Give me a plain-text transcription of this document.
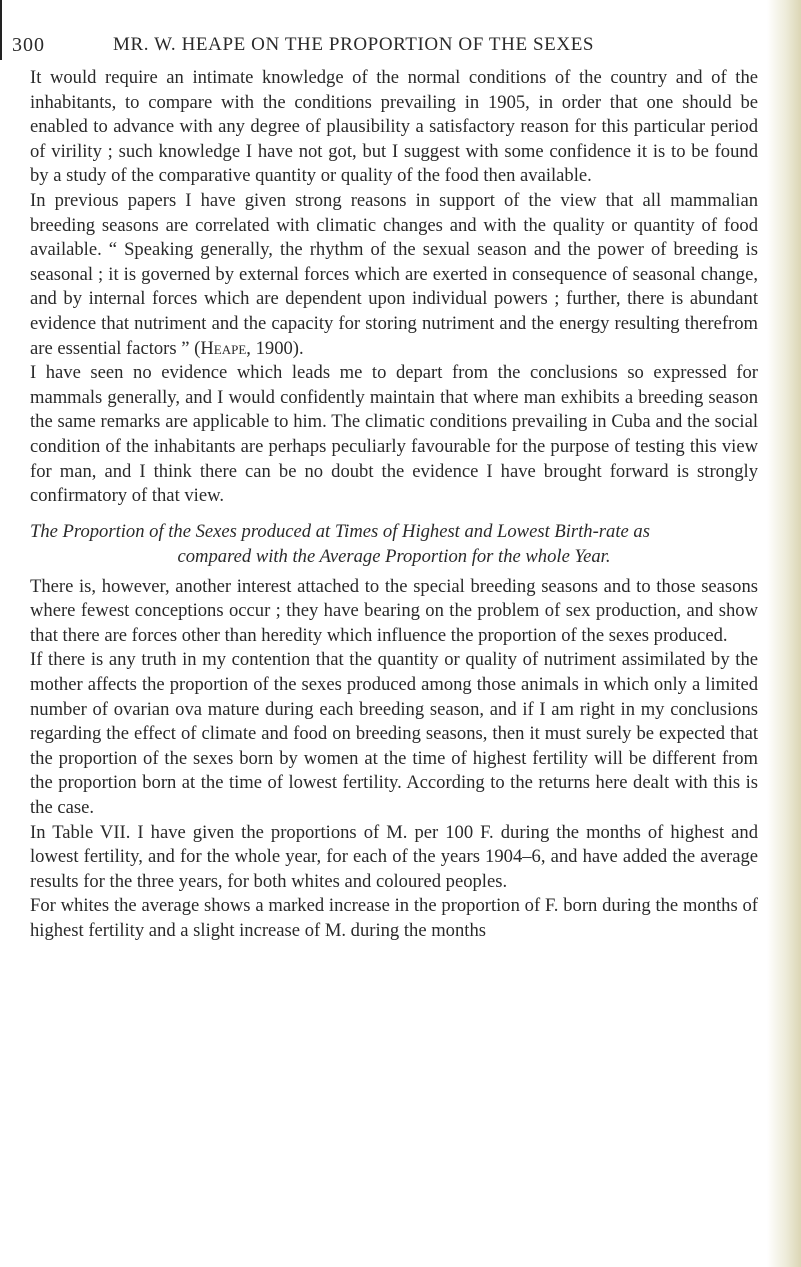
300	MR. W. HEAPE ON THE PROPORTION OF THE SEXES

It would require an intimate knowledge of the normal conditions of the country and of the inhabitants, to compare with the conditions prevailing in 1905, in order that one should be enabled to advance with any degree of plausibility a satisfactory reason for this particular period of virility ; such knowledge I have not got, but I suggest with some confidence it is to be found by a study of the comparative quantity or quality of the food then available.

In previous papers I have given strong reasons in support of the view that all mammalian breeding seasons are correlated with climatic changes and with the quality or quantity of food available. “ Speaking generally, the rhythm of the sexual season and the power of breeding is seasonal ; it is governed by external forces which are exerted in consequence of seasonal change, and by internal forces which are dependent upon individual powers ; further, there is abundant evidence that nutriment and the capacity for storing nutriment and the energy resulting therefrom are essential factors ” (Heape, 1900).

I have seen no evidence which leads me to depart from the conclusions so expressed for mammals generally, and I would confidently maintain that where man exhibits a breeding season the same remarks are applicable to him. The climatic conditions prevailing in Cuba and the social condition of the inhabitants are perhaps peculiarly favourable for the purpose of testing this view for man, and I think there can be no doubt the evidence I have brought forward is strongly confirmatory of that view.

The Proportion of the Sexes produced at Times of Highest and Lowest Birth-rate as
compared with the Average Proportion for the whole Year.

There is, however, another interest attached to the special breeding seasons and to those seasons where fewest conceptions occur ; they have bearing on the problem of sex production, and show that there are forces other than heredity which influence the proportion of the sexes produced.

If there is any truth in my contention that the quantity or quality of nutriment assimilated by the mother affects the proportion of the sexes produced among those animals in which only a limited number of ovarian ova mature during each breeding season, and if I am right in my conclusions regarding the effect of climate and food on breeding seasons, then it must surely be expected that the proportion of the sexes born by women at the time of highest fertility will be different from the proportion born at the time of lowest fertility. According to the returns here dealt with this is the case.

In Table VII. I have given the proportions of M. per 100 F. during the months of highest and lowest fertility, and for the whole year, for each of the years 1904–6, and have added the average results for the three years, for both whites and coloured peoples.

For whites the average shows a marked increase in the proportion of F. born during the months of highest fertility and a slight increase of M. during the months
